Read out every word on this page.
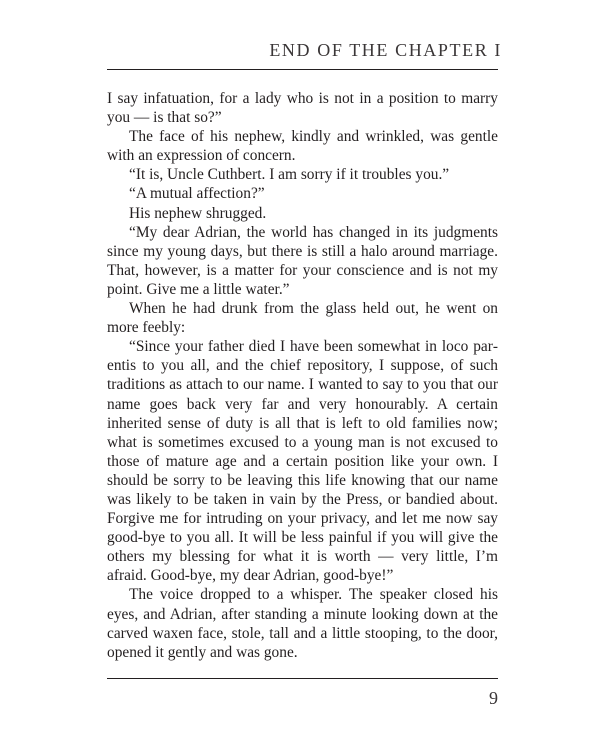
END OF THE CHAPTER I

I say infatuation, for a lady who is not in a position to marry you — is that so?”

The face of his nephew, kindly and wrinkled, was gentle with an expression of concern.

“It is, Uncle Cuthbert. I am sorry if it troubles you.”

“A mutual affection?”

His nephew shrugged.

“My dear Adrian, the world has changed in its judgments since my young days, but there is still a halo around marriage. That, however, is a matter for your conscience and is not my point. Give me a little water.”

When he had drunk from the glass held out, he went on more feebly:

“Since your father died I have been somewhat in loco parentis to you all, and the chief repository, I suppose, of such traditions as attach to our name. I wanted to say to you that our name goes back very far and very honourably. A certain inherited sense of duty is all that is left to old families now; what is sometimes excused to a young man is not excused to those of mature age and a certain position like your own. I should be sorry to be leaving this life knowing that our name was likely to be taken in vain by the Press, or bandied about. Forgive me for intruding on your privacy, and let me now say good-bye to you all. It will be less painful if you will give the others my blessing for what it is worth — very little, I’m afraid. Good-bye, my dear Adrian, good-bye!”

The voice dropped to a whisper. The speaker closed his eyes, and Adrian, after standing a minute looking down at the carved waxen face, stole, tall and a little stooping, to the door, opened it gently and was gone.

9
